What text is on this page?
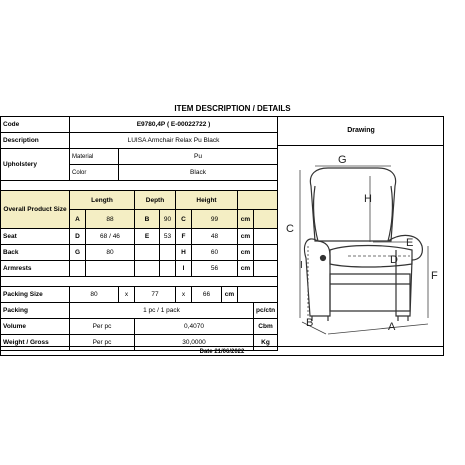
ITEM DESCRIPTION / DETAILS
Code	E9780,4P ( E-00022722 )									
Description	LUISA Armchair Relax Pu Black									
Upholstery	Material		Pu							
	Color		Black							

Overall Product Size	Length			Depth		Height				
	A	88		B	90	C	99		cm	
Seat	D	68 / 46		E	53	F	48		cm	
Back	G	80				H	60		cm	
Armrests						I	56		cm	

Packing Size	80		x	77		x	66	cm		
Packing	1 pc / 1 pack									pc/ctn
Volume	Per pc			0,4070						Cbm
Weight / Gross	Per pc			30,0000						Kg
Drawing
G
H
C
I
E
D
F
B	A
Date 21/06/2022
